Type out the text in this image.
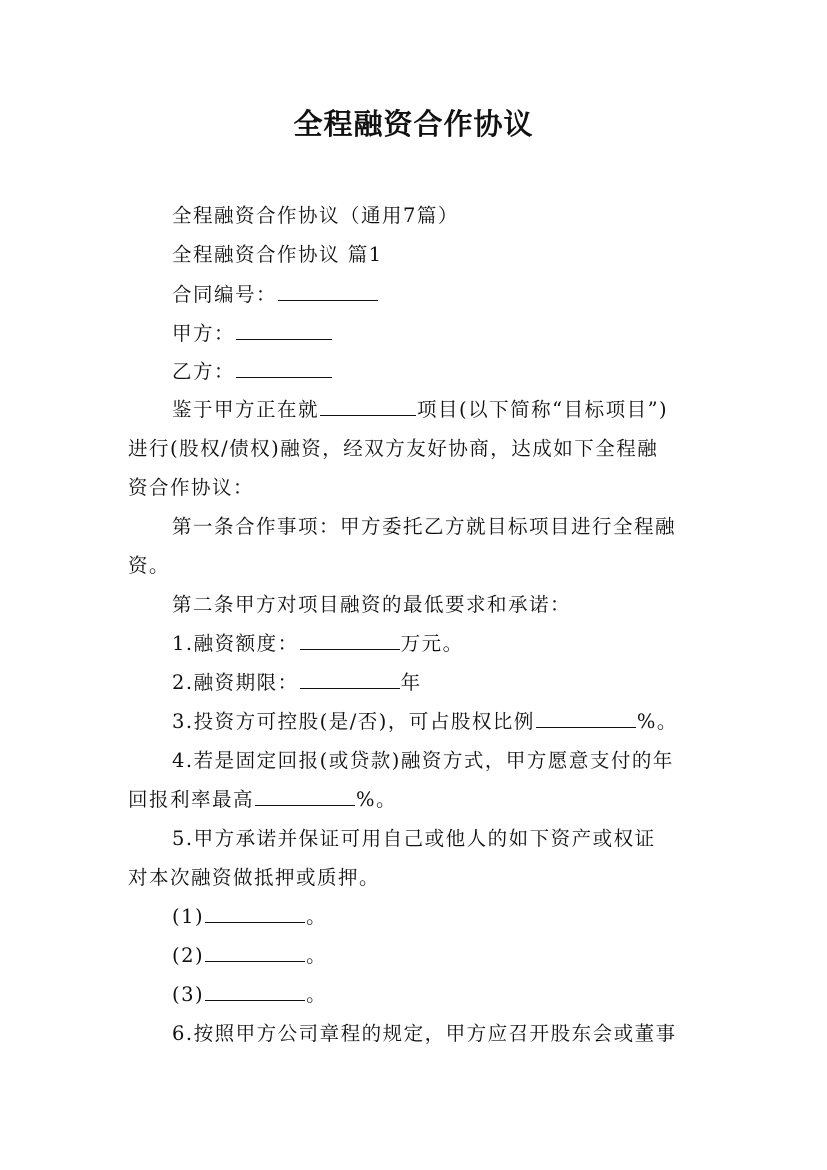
全程融资合作协议
全程融资合作协议（通用7篇）
全程融资合作协议 篇1
合同编号：
甲方：
乙方：
鉴于甲方正在就	项目(以下简称“目标项目”)
进行(股权/债权)融资，经双方友好协商，达成如下全程融
资合作协议：
第一条合作事项：甲方委托乙方就目标项目进行全程融
资。
第二条甲方对项目融资的最低要求和承诺：
1.融资额度：	万元。
2.融资期限：	年
3.投资方可控股(是/否)，可占股权比例	%。
4.若是固定回报(或贷款)融资方式，甲方愿意支付的年
回报利率最高	%。
5.甲方承诺并保证可用自己或他人的如下资产或权证
对本次融资做抵押或质押。
(1)	。
(2)	。
(3)	。
6.按照甲方公司章程的规定，甲方应召开股东会或董事
